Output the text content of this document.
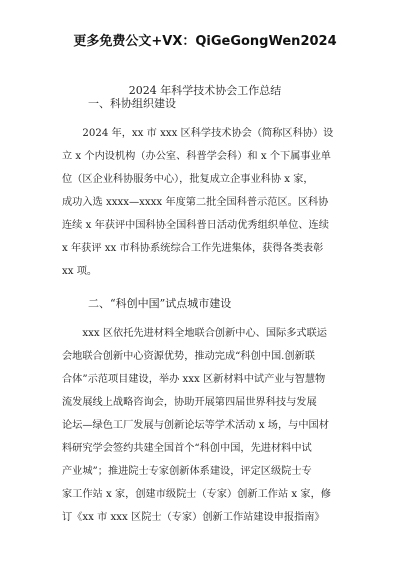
更多免费公文+VX：QiGeGongWen2024
2024 年科学技术协会工作总结
一、科协组织建设
2024 年，xx 市 xxx 区科学技术协会（简称区科协）设
立 x 个内设机构（办公室、科普学会科）和 x 个下属事业单
位（区企业科协服务中心），批复成立企事业科协 x 家，
成功入选 xxxx—xxxx 年度第二批全国科普示范区。区科协
连续 x 年获评中国科协全国科普日活动优秀组织单位、连续
x 年获评 xx 市科协系统综合工作先进集体，获得各类表彰
xx 项。
二、“科创中国”试点城市建设
xxx 区依托先进材料全地联合创新中心、国际多式联运
会地联合创新中心资源优势，推动完成“科创中国.创新联
合体”示范项目建设，举办 xxx 区新材料中试产业与智慧物
流发展线上战略咨询会，协助开展第四届世界科技与发展
论坛—绿色工厂发展与创新论坛等学术活动 x 场，与中国材
料研究学会签约共建全国首个“科创中国，先进材料中试
产业城”；推进院士专家创新体系建设，评定区级院士专
家工作站 x 家，创建市级院士（专家）创新工作站 x 家，修
订《xx 市 xxx 区院士（专家）创新工作站建设申报指南》
